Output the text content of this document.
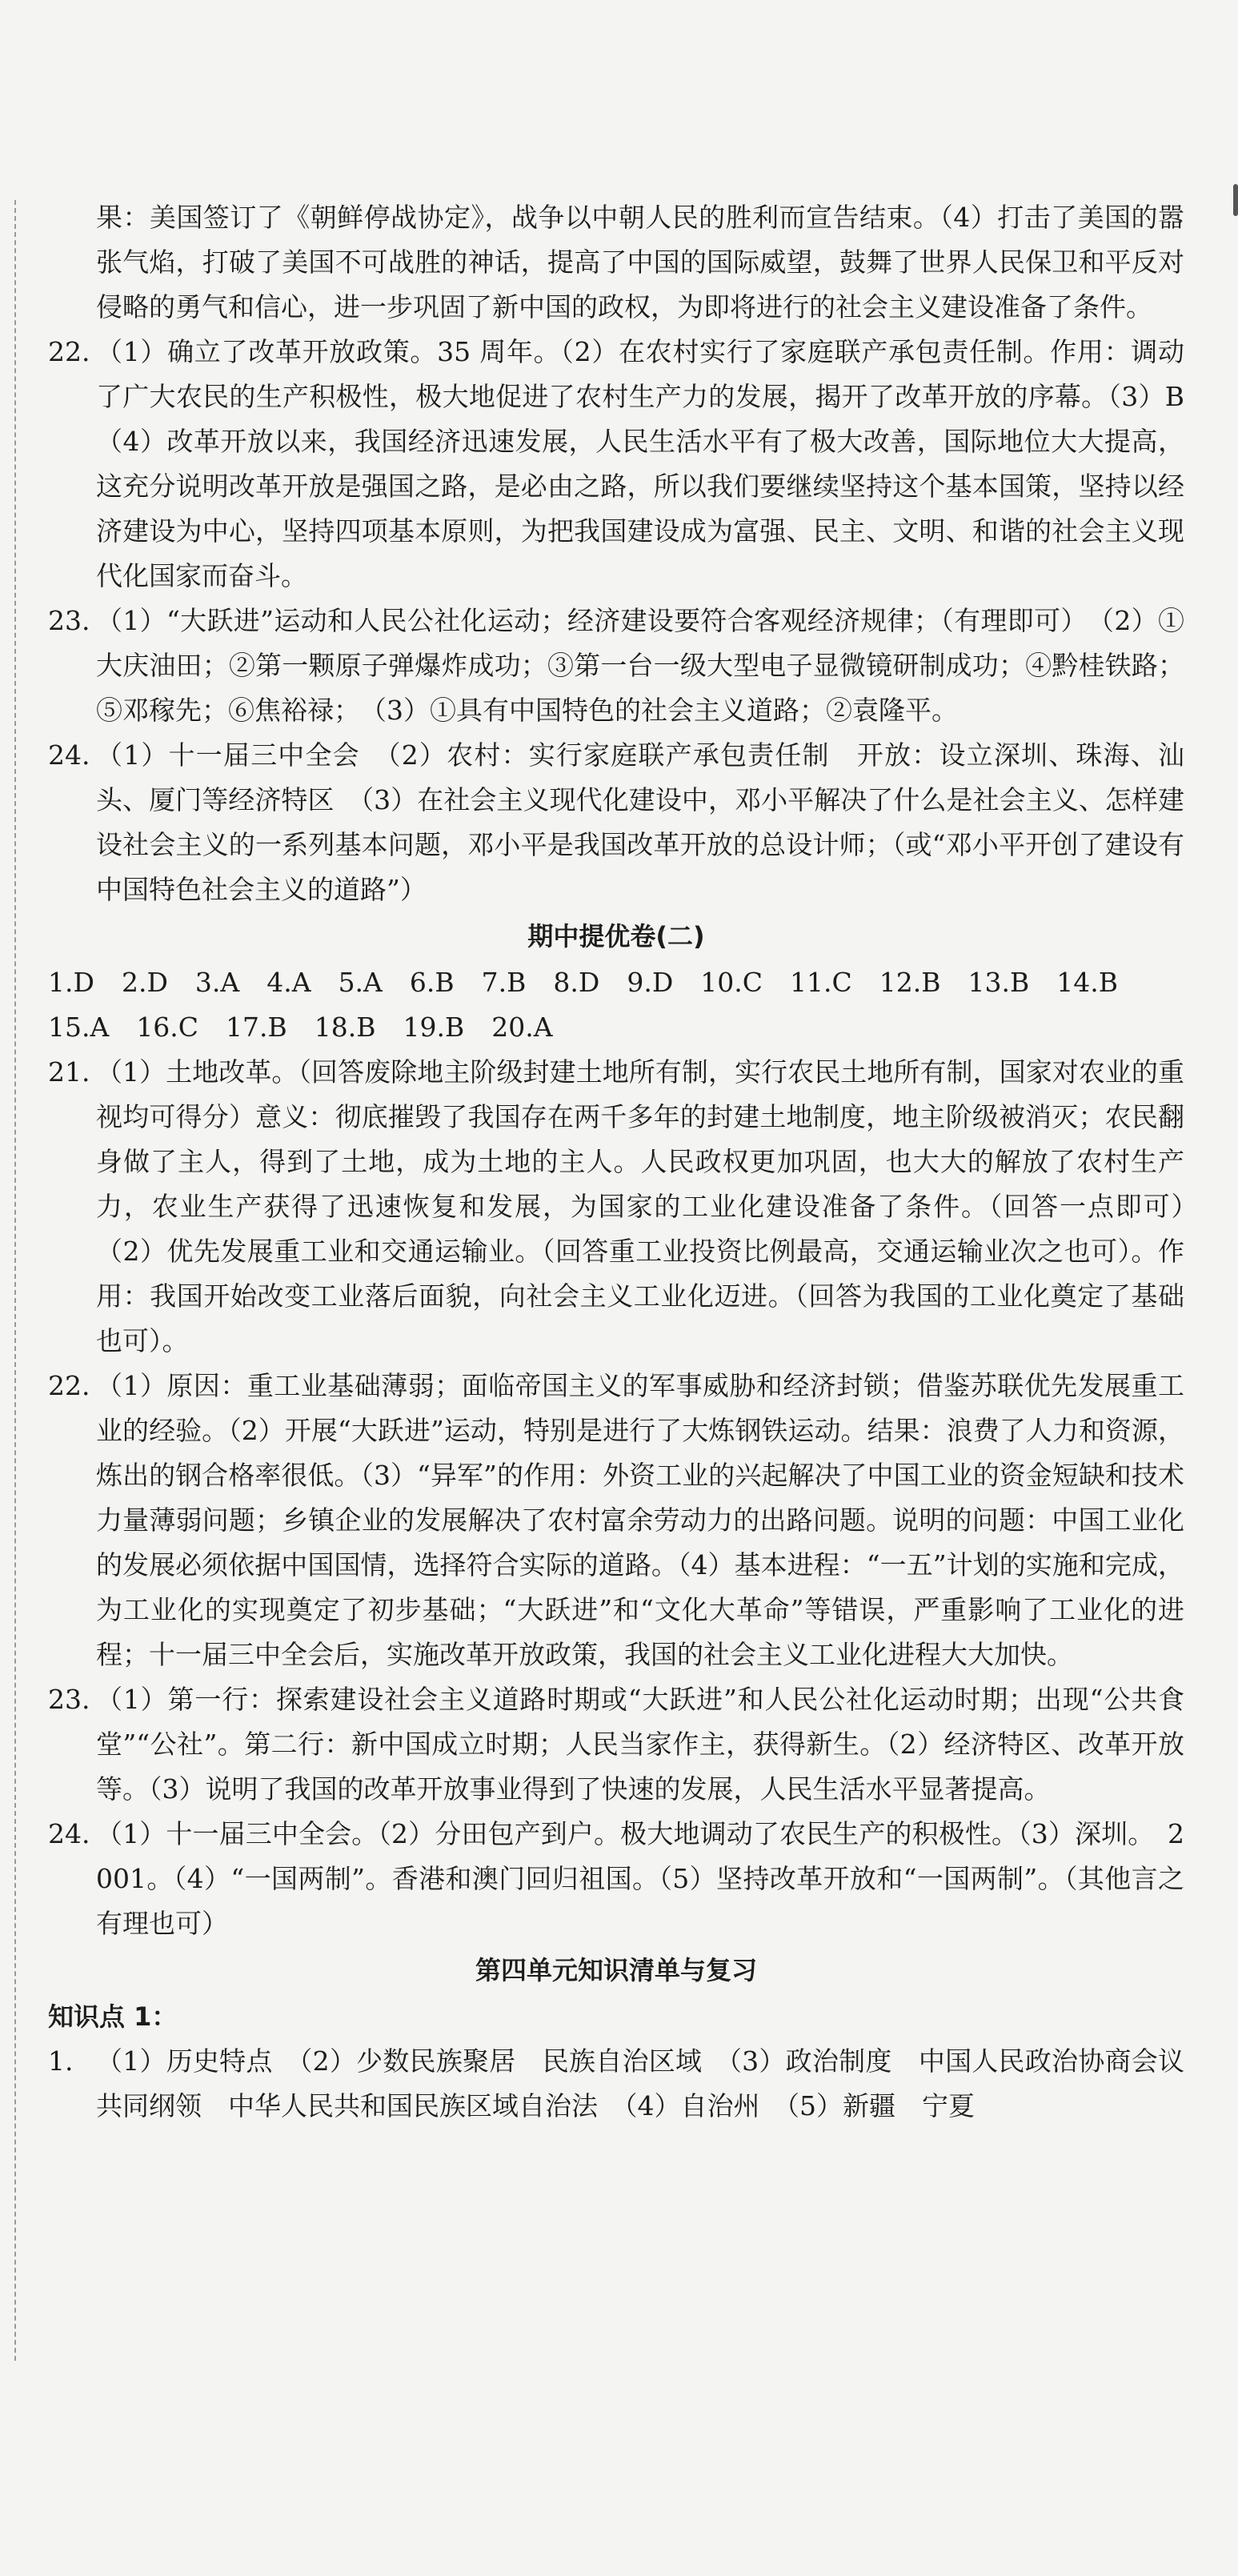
果：美国签订了《朝鲜停战协定》，战争以中朝人民的胜利而宣告结束。（4）打击了美国的嚣张气焰，打破了美国不可战胜的神话，提高了中国的国际威望，鼓舞了世界人民保卫和平反对侵略的勇气和信心，进一步巩固了新中国的政权，为即将进行的社会主义建设准备了条件。

22. （1）确立了改革开放政策。35 周年。（2）在农村实行了家庭联产承包责任制。作用：调动了广大农民的生产积极性，极大地促进了农村生产力的发展，揭开了改革开放的序幕。（3）B　（4）改革开放以来，我国经济迅速发展，人民生活水平有了极大改善，国际地位大大提高，这充分说明改革开放是强国之路，是必由之路，所以我们要继续坚持这个基本国策，坚持以经济建设为中心，坚持四项基本原则，为把我国建设成为富强、民主、文明、和谐的社会主义现代化国家而奋斗。

23. （1）“大跃进”运动和人民公社化运动；经济建设要符合客观经济规律；（有理即可）　（2）①大庆油田；②第一颗原子弹爆炸成功；③第一台一级大型电子显微镜研制成功；④黔桂铁路；⑤邓稼先；⑥焦裕禄；　（3）①具有中国特色的社会主义道路；②袁隆平。

24. （1）十一届三中全会　（2）农村：实行家庭联产承包责任制　开放：设立深圳、珠海、汕头、厦门等经济特区　（3）在社会主义现代化建设中，邓小平解决了什么是社会主义、怎样建设社会主义的一系列基本问题，邓小平是我国改革开放的总设计师；（或“邓小平开创了建设有中国特色社会主义的道路”）

期中提优卷(二)
1.D 2.D 3.A 4.A 5.A 6.B 7.B 8.D 9.D 10.C 11.C 12.B 13.B 14.B
15.A 16.C 17.B 18.B 19.B 20.A
21. （1）土地改革。（回答废除地主阶级封建土地所有制，实行农民土地所有制，国家对农业的重视均可得分）意义：彻底摧毁了我国存在两千多年的封建土地制度，地主阶级被消灭；农民翻身做了主人，得到了土地，成为土地的主人。人民政权更加巩固，也大大的解放了农村生产力，农业生产获得了迅速恢复和发展，为国家的工业化建设准备了条件。（回答一点即可）　（2）优先发展重工业和交通运输业。（回答重工业投资比例最高，交通运输业次之也可）。作用：我国开始改变工业落后面貌，向社会主义工业化迈进。（回答为我国的工业化奠定了基础也可）。

22. （1）原因：重工业基础薄弱；面临帝国主义的军事威胁和经济封锁；借鉴苏联优先发展重工业的经验。（2）开展“大跃进”运动，特别是进行了大炼钢铁运动。结果：浪费了人力和资源，炼出的钢合格率很低。（3）“异军”的作用：外资工业的兴起解决了中国工业的资金短缺和技术力量薄弱问题；乡镇企业的发展解决了农村富余劳动力的出路问题。说明的问题：中国工业化的发展必须依据中国国情，选择符合实际的道路。（4）基本进程：“一五”计划的实施和完成，为工业化的实现奠定了初步基础；“大跃进”和“文化大革命”等错误，严重影响了工业化的进程；十一届三中全会后，实施改革开放政策，我国的社会主义工业化进程大大加快。

23. （1）第一行：探索建设社会主义道路时期或“大跃进”和人民公社化运动时期；出现“公共食堂”“公社”。第二行：新中国成立时期；人民当家作主，获得新生。（2）经济特区、改革开放等。（3）说明了我国的改革开放事业得到了快速的发展，人民生活水平显著提高。

24. （1）十一届三中全会。（2）分田包产到户。极大地调动了农民生产的积极性。（3）深圳。　2001。（4）“一国两制”。香港和澳门回归祖国。（5）坚持改革开放和“一国两制”。（其他言之有理也可）

第四单元知识清单与复习
知识点 1：
1. （1）历史特点　（2）少数民族聚居　民族自治区域　（3）政治制度　中国人民政治协商会议共同纲领　中华人民共和国民族区域自治法　（4）自治州　（5）新疆　宁夏
